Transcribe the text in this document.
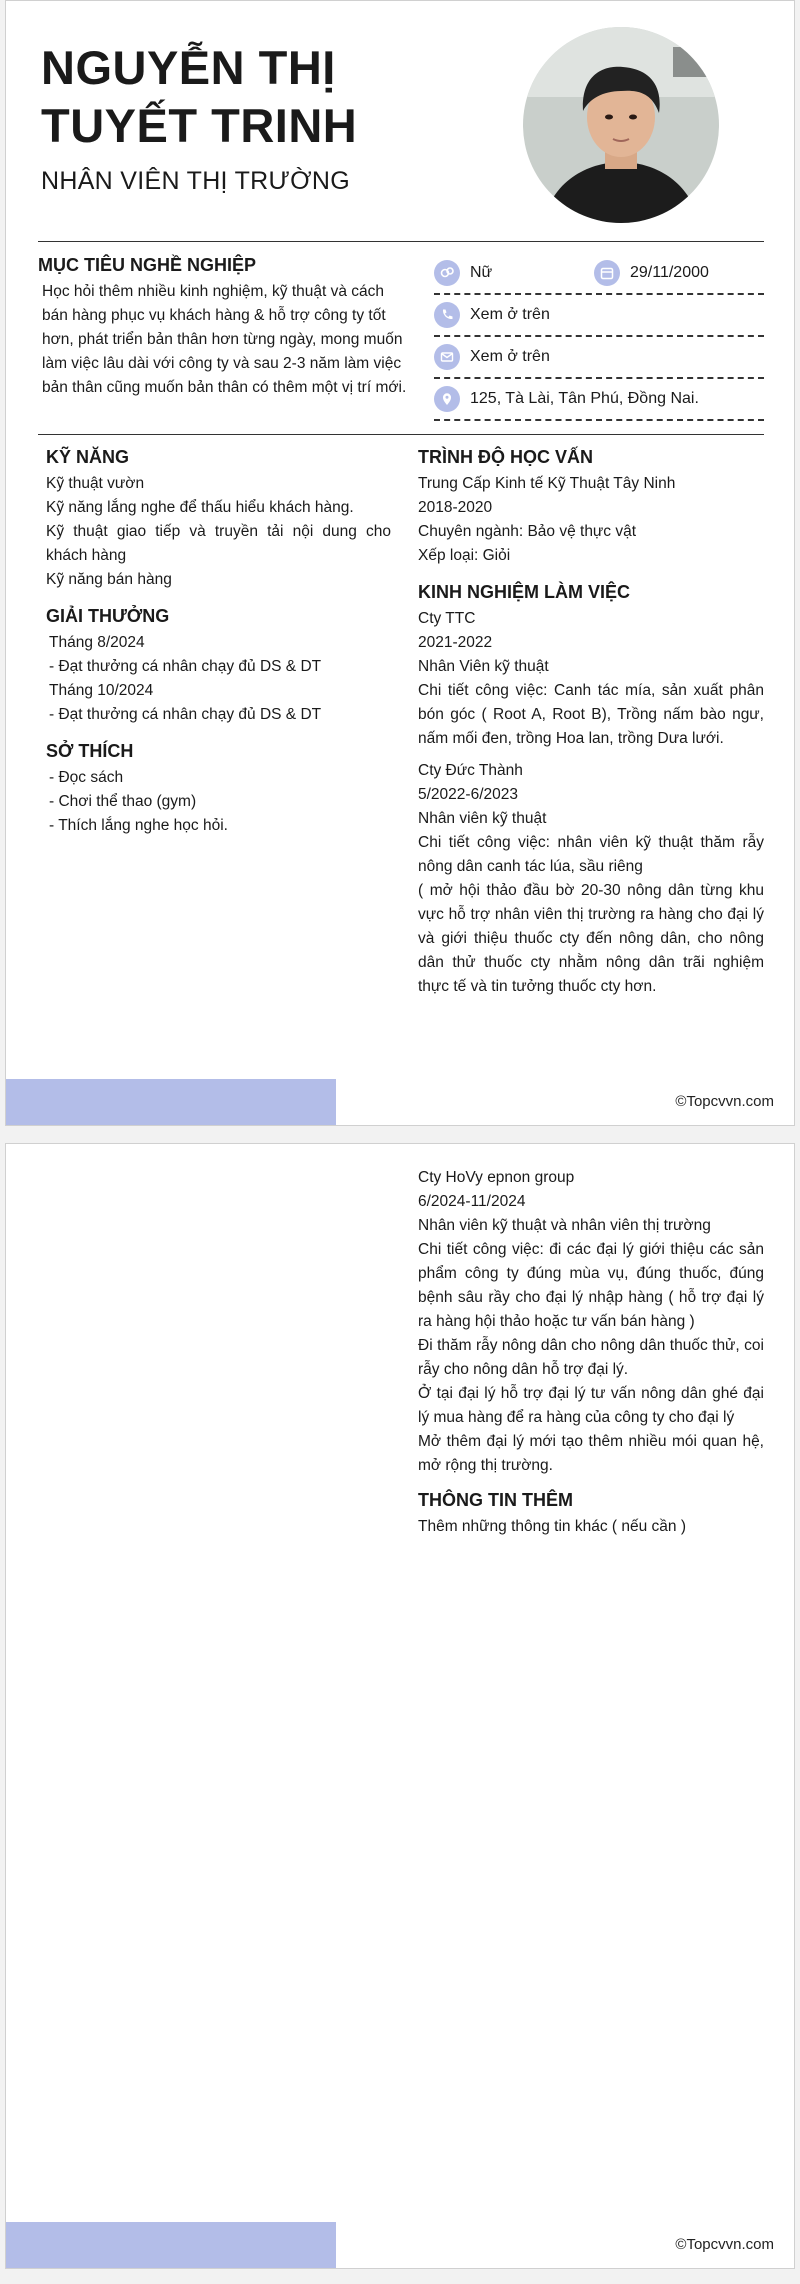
NGUYỄN THỊ
TUYẾT TRINH
NHÂN VIÊN THỊ TRƯỜNG
MỤC TIÊU NGHỀ NGHIỆP
Học hỏi thêm nhiều kinh nghiệm, kỹ thuật và cách bán hàng phục vụ khách hàng & hỗ trợ công ty tốt hơn, phát triển bản thân hơn từng ngày, mong muốn làm việc lâu dài với công ty và sau 2-3 năm làm việc bản thân cũng muốn bản thân có thêm một vị trí mới.
Nữ	29/11/2000
Xem ở trên
Xem ở trên
125, Tà Lài, Tân Phú, Đồng Nai.
KỸ NĂNG
Kỹ thuật vườn
Kỹ năng lắng nghe để thấu hiểu khách hàng.
Kỹ thuật giao tiếp và truyền tải nội dung cho khách hàng
Kỹ năng bán hàng
GIẢI THƯỞNG
Tháng 8/2024
- Đạt thưởng cá nhân chạy đủ DS & DT
Tháng 10/2024
- Đạt thưởng cá nhân chạy đủ DS & DT
SỞ THÍCH
- Đọc sách
- Chơi thể thao (gym)
- Thích lắng nghe học hỏi.
TRÌNH ĐỘ HỌC VẤN
Trung Cấp Kinh tế Kỹ Thuật Tây Ninh
2018-2020
Chuyên ngành: Bảo vệ thực vật
Xếp loại: Giỏi
KINH NGHIỆM LÀM VIỆC
Cty TTC
2021-2022
Nhân Viên kỹ thuật
Chi tiết công việc: Canh tác mía, sản xuất phân bón góc ( Root A, Root B), Trồng nấm bào ngư, nấm mối đen, trồng Hoa lan, trồng Dưa lưới.
Cty Đức Thành
5/2022-6/2023
Nhân viên kỹ thuật
Chi tiết công việc: nhân viên kỹ thuật thăm rẫy nông dân canh tác lúa, sầu riêng
( mở hội thảo đầu bờ 20-30 nông dân từng khu vực hỗ trợ nhân viên thị trường ra hàng cho đại lý và giới thiệu thuốc cty đến nông dân, cho nông dân thử thuốc cty nhằm nông dân trãi nghiệm thực tế và tin tưởng thuốc cty hơn.
©Topcvvn.com
Cty HoVy epnon group
6/2024-11/2024
Nhân viên kỹ thuật và nhân viên thị trường
Chi tiết công việc: đi các đại lý giới thiệu các sản phẩm công ty đúng mùa vụ, đúng thuốc, đúng bệnh sâu rầy cho đại lý nhập hàng ( hỗ trợ đại lý ra hàng hội thảo hoặc tư vấn bán hàng )
Đi thăm rẫy nông dân cho nông dân thuốc thử, coi rẫy cho nông dân hỗ trợ đại lý.
Ở tại đại lý hỗ trợ đại lý tư vấn nông dân ghé đại lý mua hàng để ra hàng của công ty cho đại lý
Mở thêm đại lý mới tạo thêm nhiều mói quan hệ, mở rộng thị trường.
THÔNG TIN THÊM
Thêm những thông tin khác ( nếu cần )
©Topcvvn.com
